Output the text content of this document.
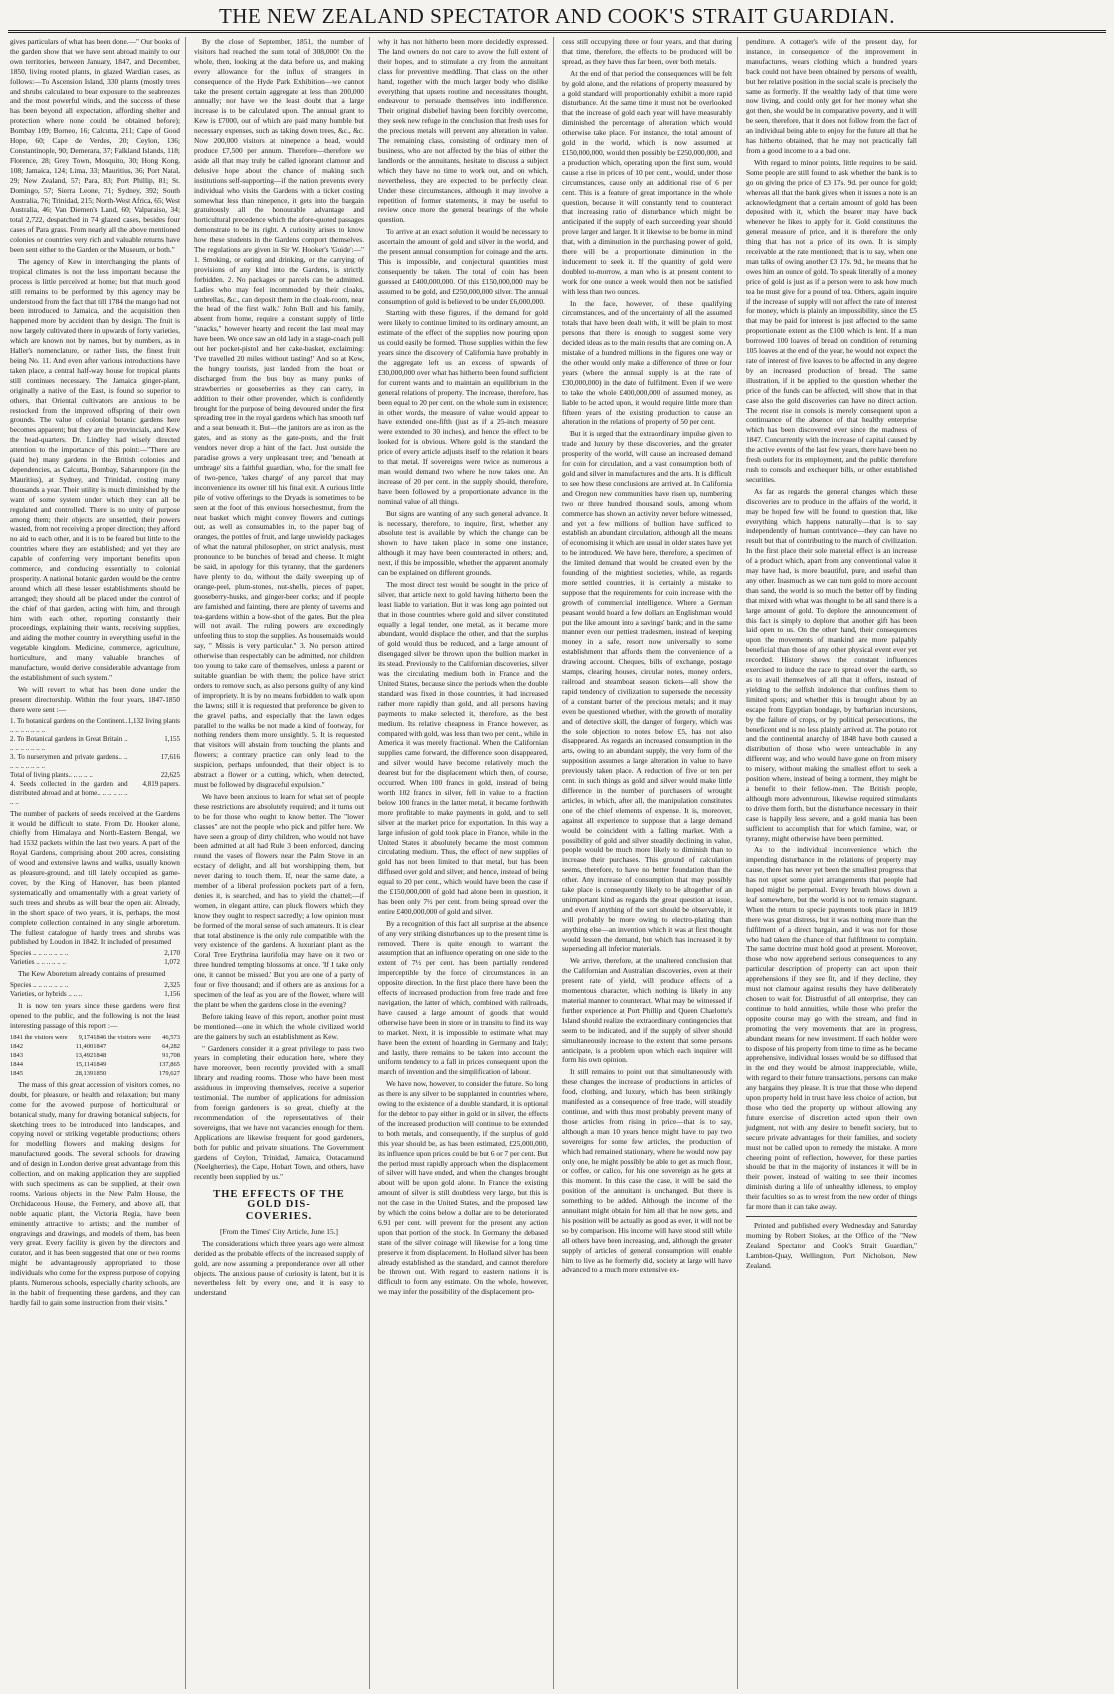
THE NEW ZEALAND SPECTATOR AND COOK'S STRAIT GUARDIAN.

gives particulars of what has been done.—" Our books of the garden show that we have sent abroad mainly to our own territories, between January, 1847, and December, 1850, living rooted plants, in glazed Wardian cases, as follows:—To Ascension Island, 330 plants (mostly trees and shrubs calculated to bear exposure to the seabreezes and the most powerful winds, and the success of these has been beyond all expectation, affording shelter and protection where none could be obtained before); Bombay 109; Borneo, 16; Calcutta, 211; Cape of Good Hope, 60; Cape de Verdes, 20; Ceylon, 136; Constantinople, 90; Demerara, 37; Falkland Islands, 118; Florence, 28; Grey Town, Mosquito, 30; Hong Kong, 108; Jamaica, 124; Lima, 33; Mauritius, 36; Port Natal, 29; New Zealand, 57; Para, 83; Port Phillip, 81; St. Domingo, 57; Sierra Leone, 71; Sydney, 392; South Australia, 76; Trinidad, 215; North-West Africa, 65; West Australia, 46; Van Diemen's Land, 60; Valparaiso, 34; total 2,722, despatched in 74 glazed cases, besides four cases of Para grass. From nearly all the above mentioned colonies or countries very rich and valuable returns have been sent either to the Garden or the Museum, or both."

The agency of Kew in interchanging the plants of tropical climates is not the less important because the process is little perceived at home; but that much good still remains to be performed by this agency may be understood from the fact that till 1784 the mango had not been introduced to Jamaica, and the acquisition then happened more by accident than by design. The fruit is now largely cultivated there in upwards of forty varieties, which are known not by names, but by numbers, as in Haller's nomenclature, or rather lists, the finest fruit being No. 11. And even after various introductions have taken place, a central half-way house for tropical plants still continues necessary. The Jamaica ginger-plant, originally a native of the East, is found so superior to others, that Oriental cultivators are anxious to be restocked from the improved offspring of their own grounds. The value of colonial botanic gardens here becomes apparent; but they are the provincials, and Kew the head-quarters. Dr. Lindley had wisely directed attention to the importance of this point:—"There are (said he) many gardens in the British colonies and dependencies, as Calcutta, Bombay, Saharunpore (in the Mauritius), at Sydney, and Trinidad, costing many thousands a year. Their utility is much diminished by the want of some system under which they can all be regulated and controlled. There is no unity of purpose among them; their objects are unsettled, their powers wasted, from not receiving a proper direction; they afford no aid to each other, and it is to be feared but little to the countries where they are established; and yet they are capable of conferring very important benefits upon commerce, and conducing essentially to colonial prosperity. A national botanic garden would be the centre around which all these lesser establishments should be arranged; they should all be placed under the control of the chief of that garden, acting with him, and through him with each other, reporting constantly their proceedings, explaining their wants, receiving supplies, and aiding the mother country in everything useful in the vegetable kingdom. Medicine, commerce, agriculture, horticulture, and many valuable branches of manufacture, would derive considerable advantage from the establishment of such system."

We will revert to what has been done under the present directorship. Within the four years, 1847-1850 there were sent :—

1. To botanical gardens on the Continent.. .. .. .. .. .. .. ..	1,132 living plants
2. To Botanical gardens in Great Britain .. .. .. .. .. .. .. ..	1,155
3. To nurserymen and private gardens.. .. .. .. .. .. .. .. ..	17,616
Total of living plants.. .. .. .. ..	22,625
4. Seeds collected in the garden and distributed abroad and at home.. .. .. .. .. .. .. ..	4,819 papers.

The number of packets of seeds received at the Gardens it would be difficult to state. From Dr. Hooker alone, chiefly from Himalaya and North-Eastern Bengal, we had 1532 packets within the last two years. A part of the Royal Gardens, comprising about 200 acres, consisting of wood and extensive lawns and walks, usually known as pleasure-ground, and till lately occupied as game-cover, by the King of Hanover, has been planted systematically and ornamentally with a great variety of such trees and shrubs as will bear the open air. Already, in the short space of two years, it is, perhaps, the most complete collection contained in any single arboretum. The fullest catalogue of hardy trees and shrubs was published by Loudon in 1842. It included of presumed

Species .. .. .. .. .. .. ..	2,170
Varieties .. .. .. .. .. ..	1,072

The Kew Aboretum already contains of presumed

Species .. .. .. .. .. .. ..	2,325
Varieties, or hybrids .. .. ..	1,156

It is now ten years since these gardens were first opened to the public, and the following is not the least interesting passage of this report :—

1841 the visitors were	9,174	1846 the visitors were	46,573
1842	11,400	1847	64,282
1843	13,492	1848	91,708
1844	15,114	1849	137,865
1845	28,139	1850	179,627

The mass of this great accession of visitors comes, no doubt, for pleasure, or health and relaxation; but many come for the avowed purpose of horticultural or botanical study, many for drawing botanical subjects, for sketching trees to be introduced into landscapes, and copying novel or striking vegetable productions; others for modelling flowers and making designs for manufactured goods. The several schools for drawing and of design in London derive great advantage from this collection, and on making application they are supplied with such specimens as can be supplied, at their own rooms. Various objects in the New Palm House, the Orchidaceous House, the Fernery, and above all, that noble aquatic plant, the Victoria Regia, have been eminently attractive to artists; and the number of engravings and drawings, and models of them, has been very great. Every facility is given by the directors and curator, and it has been suggested that one or two rooms might be advantageously appropriated to those individuals who come for the express purpose of copying plants. Numerous schools, especially charity schools, are in the habit of frequenting these gardens, and they can hardly fail to gain some instruction from their visits."

By the close of September, 1851, the number of visitors had reached the sum total of 308,000! On the whole, then, looking at the data before us, and making every allowance for the influx of strangers in consequence of the Hyde Park Exhibition—we cannot take the present certain aggregate at less than 200,000 annually; nor have we the least doubt that a large increase is to be calculated upon. The annual grant to Kew is £7000, out of which are paid many humble but necessary expenses, such as taking down trees, &c., &c. Now 200,000 visitors at ninepence a head, would produce £7,500 per annum. Therefore—therefore we aside all that may truly be called ignorant clamour and delusive hope about the chance of making such institutions self-supporting—if the nation prevents every individual who visits the Gardens with a ticket costing somewhat less than ninepence, it gets into the bargain gratuitously all the honourable advantage and horticultural precedence which the afore-quoted passages demonstrate to be its right. A curiosity arises to know how these students in the Gardens comport themselves. The regulations are given in Sir W. Hooker's 'Guide':—" 1. Smoking, or eating and drinking, or the carrying of provisions of any kind into the Gardens, is strictly forbidden. 2. No packages or parcels can be admitted. Ladies who may feel incommoded by their cloaks, umbrellas, &c., can deposit them in the cloak-room, near the head of the first walk.' John Bull and his family, absent from home, require a constant supply of little "snacks," however hearty and recent the last meal may have been. We once saw an old lady in a stage-coach pull out her pocket-pistol and her cake-basket, exclaiming: 'I've travelled 20 miles without tasting!' And so at Kew, the hungry tourists, just landed from the boat or discharged from the bus buy as many punks of strawberries or gooseberries as they can carry, in addition to their other provender, which is confidently brought for the purpose of being devoured under the first spreading tree in the royal gardens which has smooth turf and a seat beneath it. But—the janitors are as iron as the gates, and as stony as the gate-posts, and the fruit vendors never drop a hint of the fact. Just outside the paradise grows a very unpleasant tree; and 'beneath at umbrage' sits a faithful guardian, who, for the small fee of two-pence, 'takes charge' of any parcel that may inconvenience its owner till his final exit. A curious little pile of votive offerings to the Dryads is sometimes to be seen at the foot of this envious horsechestnut, from the neat basket which might convey flowers and cuttings out, as well as consumables in, to the paper bag of oranges, the pottles of fruit, and large unwieldy packages of what the natural philosopher, on strict analysis, must pronounce to be bunches of bread and cheese. It might be said, in apology for this tyranny, that the gardeners have plenty to do, without the daily sweeping up of orange-peel, plum-stones, nut-shells, pieces of paper, gooseberry-husks, and ginger-beer corks; and if people are famished and fainting, there are plenty of taverns and tea-gardens within a bow-shot of the gates. But the plea will not avail. The ruling powers are exceedingly unfeeling thus to stop the supplies. As housemaids would say, " Missis is very particular." 3. No person attired otherwise than respectably can be admitted, nor children too young to take care of themselves, unless a parent or suitable guardian be with them; the police have strict orders to remove such, as also persons guilty of any kind of impropriety. It is by no means forbidden to walk upon the lawns; still it is requested that preference be given to the gravel paths, and especially that the lawn edges parallel to the walks be not made a kind of footway, for nothing renders them more unsightly. 5. It is requested that visitors will abstain from touching the plants and flowers; a contrary practice can only lead to the suspicion, perhaps unfounded, that their object is to abstract a flower or a cutting, which, when detected, must be followed by disgraceful expulsion."

We have been anxious to learn for what set of people these restrictions are absolutely required; and it turns out to be for those who ought to know better. The "lower classes" are not the people who pick and pilfer here. We have seen a group of dirty children, who would not have been admitted at all had Rule 3 been enforced, dancing round the vases of flowers near the Palm Stove in an ecstacy of delight, and all but worshipping them, but never daring to touch them. If, near the same date, a member of a liberal profession pockets part of a fern, denies it, is searched, and has to yield the chattel;—if women, in elegant attire, can pluck flowers which they know they ought to respect sacredly; a low opinion must be formed of the moral sense of such amateurs. It is clear that total abstinence is the only rule compatible with the very existence of the gardens. A luxuriant plant as the Coral Tree Erythrina laurifolia may have on it two or three hundred tempting blossoms at once. 'If I take only one, it cannot be missed.' But you are one of a party of four or five thousand; and if others are as anxious for a specimen of the leaf as you are of the flower, where will the plant be when the gardens close in the evening?

Before taking leave of this report, another point must be mentioned—one in which the whole civilized world are the gainers by such an establishment as Kew.

" Gardeners consider it a great privilege to pass two years in completing their education here, where they have moreover, been recently provided with a small library and reading rooms. Those who have been most assiduous in improving themselves, receive a superior testimonial. The number of applications for admission from foreign gardeners is so great, chiefly at the recommendation of the representatives of their sovereigns, that we have not vacancies enough for them. Applications are likewise frequent for good gardeners, both for public and private situations. The Government gardens of Ceylon, Trinidad, Jamaica, Ootacamund (Neelgherries), the Cape, Hobart Town, and others, have recently been supplied by us."

THE EFFECTS OF THE GOLD DIS-
COVERIES.
[From the Times' City Article, June 15.]

The considerations which three years ago were almost derided as the probable effects of the increased supply of gold, are now assuming a preponderance over all other objects. The anxious pause of curiosity is latent, but it is nevertheless felt by every one, and it is easy to understand

why it has not hitherto been more decidedly expressed. The land owners do not care to avow the full extent of their hopes, and to stimulate a cry from the annuitant class for preventive meddling. That class on the other hand, together with the much larger body who dislike everything that upsets routine and necessitates thought, endeavour to persuade themselves into indifference. Their original disbelief having been forcibly overcome, they seek new refuge in the conclusion that fresh uses for the precious metals will prevent any alteration in value. The remaining class, consisting of ordinary men of business, who are not affected by the bias of either the landlords or the annuitants, hesitate to discuss a subject which they have no time to work out, and on which, nevertheless, they are expected to be perfectly clear. Under these circumstances, although it may involve a repetition of former statements, it may be useful to review once more the general bearings of the whole question.

To arrive at an exact solution it would be necessary to ascertain the amount of gold and silver in the world, and the present annual consumption for coinage and the arts. This is impossible, and conjectural quantities must consequently be taken. The total of coin has been guessed at £400,000,000. Of this £150,000,000 may be assumed to be gold, and £250,000,000 silver. The annual consumption of gold is believed to be under £6,000,000.

Starting with these figures, if the demand for gold were likely to continue limited to its ordinary amount, an estimate of the effect of the supplies now pouring upon us could easily be formed. Those supplies within the few years since the discovery of California have probably in the aggregate left us an excess of upwards of £30,000,000 over what has hitherto been found sufficient for current wants and to maintain an equilibrium in the general relations of property. The increase, therefore, has been equal to 20 per cent. on the whole sum in existence; in other words, the measure of value would appear to have extended one-fifth (just as if a 25-inch measure were extended to 30 inches), and hence the effect to be looked for is obvious. Where gold is the standard the price of every article adjusts itself to the relation it bears to that metal. If sovereigns were twice as numerous a man would demand two where he now takes one. An increase of 20 per cent. in the supply should, therefore, have been followed by a proportionate advance in the nominal value of all things.

But signs are wanting of any such general advance. It is necessary, therefore, to inquire, first, whether any absolute test is available by which the change can be shown to have taken place in some one instance, although it may have been counteracted in others; and, next, if this be impossible, whether the apparent anomaly can be explained on different grounds.

The most direct test would be sought in the price of silver, that article next to gold having hitherto been the least liable to variation. But it was long ago pointed out that in those countries where gold and silver constituted equally a legal tender, one metal, as it became more abundant, would displace the other, and that the surplus of gold would thus be reduced, and a large amount of disengaged silver be thrown upon the bullion market in its stead. Previously to the Californian discoveries, silver was the circulating medium both in France and the United States, because since the periods when the double standard was fixed in those countries, it had increased rather more rapidly than gold, and all persons having payments to make selected it, therefore, as the best medium. Its relative cheapness in France however, as compared with gold, was less than two per cent., while in America it was merely fractional. When the Californian supplies came forward, the difference soon disappeared, and silver would have become relatively much the dearest but for the displacement which then, of course, occurred. When 100 francs in gold, instead of being worth 102 francs in silver, fell in value to a fraction below 100 francs in the latter metal, it became forthwith more profitable to make payments in gold, and to sell silver at the market price for exportation. In this way a large infusion of gold took place in France, while in the United States it absolutely became the most common circulating medium. Thus, the effect of new supplies of gold has not been limited to that metal, but has been diffused over gold and silver, and hence, instead of being equal to 20 per cent., which would have been the case if the £150,000,000 of gold had alone been in question, it has been only 7½ per cent. from being spread over the entire £400,000,000 of gold and silver.

By a recognition of this fact all surprise at the absence of any very striking disturbances up to the present time is removed. There is quite enough to warrant the assumption that an influence operating on one side to the extent of 7½ per cent. has been partially rendered imperceptible by the force of circumstances in an opposite direction. In the first place there have been the effects of increased production from free trade and free navigation, the latter of which, combined with railroads, have caused a large amount of goods that would otherwise have been in store or in transitu to find its way to market. Next, it is impossible to estimate what may have been the extent of hoarding in Germany and Italy; and lastly, there remains to be taken into account the uniform tendency to a fall in prices consequent upon the march of invention and the simplification of labour.

We have now, however, to consider the future. So long as there is any silver to be supplanted in countries where, owing to the existence of a double standard, it is optional for the debtor to pay either in gold or in silver, the effects of the increased production will continue to be extended to both metals, and consequently, if the surplus of gold this year should be, as has been estimated, £25,000,000, its influence upon prices could be but 6 or 7 per cent. But the period must rapidly approach when the displacement of silver will have ended, and when the changes brought about will be upon gold alone. In France the existing amount of silver is still doubtless very large, but this is not the case in the United States, and the proposed law by which the coins below a dollar are to be deteriorated 6.91 per cent. will prevent for the present any action upon that portion of the stock. In Germany the debased state of the silver coinage will likewise for a long time preserve it from displacement. In Holland silver has been already established as the standard, and cannot therefore be thrown out. With regard to eastern nations it is difficult to form any estimate. On the whole, however, we may infer the possibility of the displacement pro-

cess still occupying three or four years, and that during that time, therefore, the effects to be produced will be spread, as they have thus far been, over both metals.

At the end of that period the consequences will be felt by gold alone, and the relations of property measured by a gold standard will proportionably exhibit a more rapid disturbance. At the same time it must not be overlooked that the increase of gold each year will have measurably diminished the percentage of alteration which would otherwise take place. For instance, the total amount of gold in the world, which is now assumed at £150,000,000, would then possibly be £250,000,000, and a production which, operating upon the first sum, would cause a rise in prices of 10 per cent., would, under those circumstances, cause only an additional rise of 6 per cent. This is a feature of great importance in the whole question, because it will constantly tend to counteract that increasing ratio of disturbance which might be anticipated if the supply of each succeeding year should prove larger and larger. It it likewise to be borne in mind that, with a diminution in the purchasing power of gold, there will be a proportionate diminution in the inducement to seek it. If the quantity of gold were doubled to-morrow, a man who is at present content to work for one ounce a week would then not be satisfied with less than two ounces.

In the face, however, of these qualifying circumstances, and of the uncertainty of all the assumed totals that have been dealt with, it will be plain to most persons that there is enough to suggest some very decided ideas as to the main results that are coming on. A mistake of a hundred millions in the figures one way or the other would only make a difference of three or four years (where the annual supply is at the rate of £30,000,000) in the date of fulfilment. Even if we were to take the whole £400,000,000 of assumed money, as liable to be acted upon, it would require little more than fifteen years of the existing production to cause an alteration in the relations of property of 50 per cent.

But it is urged that the extraordinary impulse given to trade and luxury by these discoveries, and the greater prosperity of the world, will cause an increased demand for coin for circulation, and a vast consumption both of gold and silver in manufactures and the arts. It is difficult to see how these conclusions are arrived at. In California and Oregon new communities have risen up, numbering two or three hundred thousand souls, among whom commerce has shown an activity never before witnessed, and yet a few millions of bullion have sufficed to establish an abundant circulation, although all the means of economising it which are usual in older states have yet to be introduced. We have here, therefore, a specimen of the limited demand that would be created even by the founding of the mightiest societies, while, as regards more settled countries, it is certainly a mistake to suppose that the requirements for coin increase with the growth of commercial intelligence. Where a German peasant would hoard a few dollars an Englishman would put the like amount into a savings' bank; and in the same manner even our pettiest tradesmen, instead of keeping money in a safe, resort now universally to some establishment that affords them the convenience of a drawing account. Cheques, bills of exchange, postage stamps, clearing houses, circular notes, money orders, railroad and steamboat season tickets—all show the rapid tendency of civilization to supersede the necessity of a constant barter of the precious metals; and it may even be questioned whether, with the growth of morality and of detective skill, the danger of forgery, which was the sole objection to notes below £5, has not also disappeared. As regards an increased consumption in the arts, owing to an abundant supply, the very form of the supposition assumes a large alteration in value to have previously taken place. A reduction of five or ten per cent. in such things as gold and silver would make little difference in the number of purchasers of wrought articles, in which, after all, the manipulation constitutes one of the chief elements of expense. It is, moreover, against all experience to suppose that a large demand would be coincident with a falling market. With a possibility of gold and silver steadily declining in value, people would be much more likely to diminish than to increase their purchases. This ground of calculation seems, therefore, to have no better foundation than the other. Any increase of consumption that may possibly take place is consequently likely to be altogether of an unimportant kind as regards the great question at issue, and even if anything of the sort should be observable, it will probably be more owing to electro-plating than anything else—an invention which it was at first thought would lessen the demand, but which has increased it by superseding all inferior materials.

We arrive, therefore, at the unaltered conclusion that the Californian and Australian discoveries, even at their present rate of yield, will produce effects of a momentous character, which nothing is likely in any material manner to counteract. What may be witnessed if further experience at Port Phillip and Queen Charlotte's Island should realize the extraordinary contingencies that seem to be indicated, and if the supply of silver should simultaneously increase to the extent that some persons anticipate, is a problem upon which each inquirer will form his own opinion.

It still remains to point out that simultaneously with these changes the increase of productions in articles of food, clothing, and luxury, which has been strikingly manifested as a consequence of free trade, will steadily continue, and with thus most probably prevent many of those articles from rising in price—that is to say, although a man 10 years hence might have to pay two sovereigns for some few articles, the production of which had remained stationary, where he would now pay only one, he might possibly be able to get as much flour, or coffee, or calico, for his one sovereign as he gets at this moment. In this case the case, it will be said the position of the annuitant is unchanged. But there is something to be added. Although the income of the annuitant might obtain for him all that he now gets, and his position will be actually as good as ever, it will not be so by comparison. His income will have stood still while all others have been increasing, and, although the greater supply of articles of general consumption will enable him to live as he formerly did, society at large will have advanced to a much more extensive ex-

penditure. A cottager's wife of the present day, for instance, in consequence of the improvement in manufactures, wears clothing which a hundred years back could not have been obtained by persons of wealth, but her relative position in the social scale is precisely the same as formerly. If the wealthy lady of that time were now living, and could only get for her money what she got then, she would be in comparative poverty, and it will be seen, therefore, that it does not follow from the fact of an individual being able to enjoy for the future all that he has hitherto obtained, that he may not practically fall from a good income to a a bad one.

With regard to minor points, little requires to be said. Some people are still found to ask whether the bank is to go on giving the price of £3 17s. 9d. per ounce for gold; whereas all that the bank gives when it issues a note is an acknowledgment that a certain amount of gold has been deposited with it, which the bearer may have back whenever he likes to apply for it. Gold constitutes the general measure of price, and it is therefore the only thing that has not a price of its own. It is simply receivable at the rate mentioned; that is to say, when one man talks of owing another £3 17s. 9d., he means that he owes him an ounce of gold. To speak literally of a money price of gold is just as if a person were to ask how much tea he must give for a pound of tea. Others, again inquire if the increase of supply will not affect the rate of interest for money, which is plainly an impossibility, since the £5 that may be paid for interest is just affected to the same proportionate extent as the £100 which is lent. If a man borrowed 100 loaves of bread on condition of returning 105 loaves at the end of the year, he would not expect the rate of interest of five loaves to be affected in any degree by an increased production of bread. The same illustration, if it be applied to the question whether the price of the funds can be affected, will show that in that case also the gold discoveries can have no direct action. The recent rise in consols is merely consequent upon a continuance of the absence of that healthy enterprise which has been discovered ever since the madness of 1847. Concurrently with the increase of capital caused by the active events of the last few years, there have been no fresh outlets for its employment, and the public therefore rush to consols and exchequer bills, or other established securities.

As far as regards the general changes which these discoveries are to produce in the affairs of the world, it may be hoped few will be found to question that, like everything which happens naturally—that is to say independently of human contrivance—they can have no result but that of contributing to the march of civilization. In the first place their sole material effect is an increase of a product which, apart from any conventional value it may have had, is more beautiful, pure, and useful than any other. Inasmuch as we can turn gold to more account than sand, the world is so much the better off by finding that mixed with what was thought to be all sand there is a large amount of gold. To deplore the announcement of this fact is simply to deplore that another gift has been laid open to us. On the other hand, their consequences upon the movements of mankind are more palpably beneficial than those of any other physical event ever yet recorded. History shows the constant influences exercised to induce the race to spread over the earth, so as to avail themselves of all that it offers, instead of yielding to the selfish indolence that confines them to limited spots; and whether this is brought about by an escape from Egyptian bondage, by barbarian incursions, by the failure of crops, or by political persecutions, the beneficent end is no less plainly arrived at. The potato rot and the continental anarchy of 1848 have both caused a distribution of those who were unteachable in any different way, and who would have gone on from misery to misery, without making the smallest effort to seek a position where, instead of being a torment, they might be a benefit to their fellow-men. The British people, although more adventurous, likewise required stimulants to drive them forth, but the disturbance necessary in their case is happily less severe, and a gold mania has been sufficient to accomplish that for which famine, war, or tyranny, might otherwise have been permitted.

As to the individual inconvenience which the impending disturbance in the relations of property may cause, there has never yet been the smallest progress that has not upset some quiet arrangements that people had hoped might be perpetual. Every breath blows down a leaf somewhere, but the world is not to remain stagnant. When the return to specie payments took place in 1819 there was great distress, but it was nothing more than the fulfilment of a direct bargain, and it was not for those who had taken the chance of that fulfilment to complain. The same doctrine must hold good at present. Moreover, those who now apprehend serious consequences to any particular description of property can act upon their apprehensions if they see fit, and if they decline, they must not clamour against results they have deliberately chosen to wait for. Distrustful of all enterprise, they can continue to hold annuities, while those who prefer the opposite course may go with the stream, and find in promoting the very movements that are in progress, abundant means for new investment. If each holder were to dispose of his property from time to time as he became apprehensive, individual losses would be so diffused that in the end they would be almost inappreciable, while, with regard to their future transactions, persons can make any bargains they please. It is true that those who depend upon property held in trust have less choice of action, but those who tied the property up without allowing any future exercise of discretion acted upon their own judgment, not with any desire to benefit society, but to secure private advantages for their families, and society must not be called upon to remedy the mistake. A more cheering point of reflection, however, for these parties should be that in the majority of instances it will be in their power, instead of waiting to see their incomes diminish during a life of unhealthy idleness, to employ their faculties so as to wrest from the new order of things far more than it can take away.

Printed and published every Wednesday and Saturday morning by Robert Stokes, at the Office of the "New Zealand Spectator and Cook's Strait Guardian," Lambton-Quay, Wellington, Port Nicholson, New Zealand.
